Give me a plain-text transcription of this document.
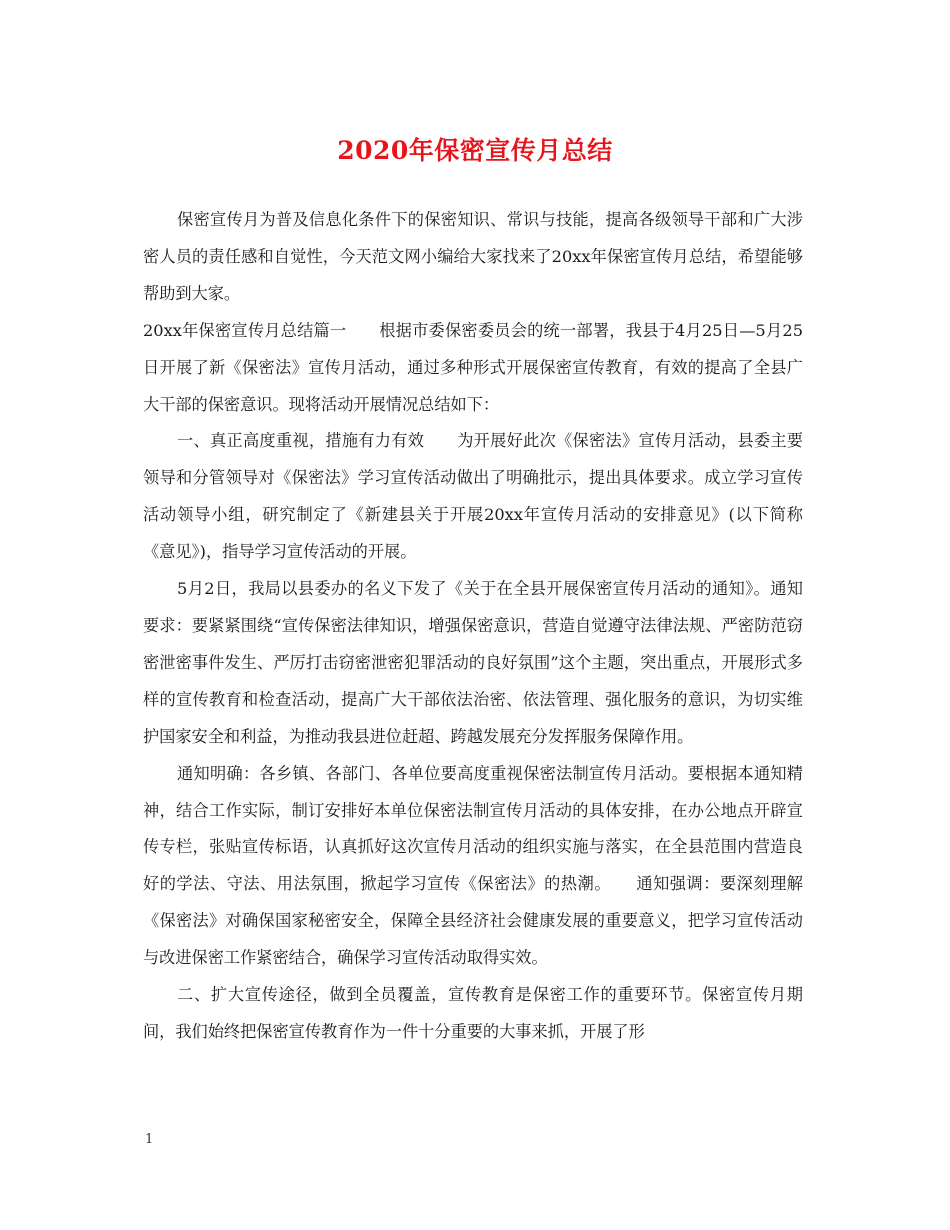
2020年保密宣传月总结

保密宣传月为普及信息化条件下的保密知识、常识与技能，提高各级领导干部和广大涉密人员的责任感和自觉性，今天范文网小编给大家找来了20xx年保密宣传月总结，希望能够帮助到大家。

20xx年保密宣传月总结篇一　　根据市委保密委员会的统一部署，我县于4月25日—5月25日开展了新《保密法》宣传月活动，通过多种形式开展保密宣传教育，有效的提高了全县广大干部的保密意识。现将活动开展情况总结如下：

一、真正高度重视，措施有力有效　　为开展好此次《保密法》宣传月活动，县委主要领导和分管领导对《保密法》学习宣传活动做出了明确批示，提出具体要求。成立学习宣传活动领导小组，研究制定了《新建县关于开展20xx年宣传月活动的安排意见》(以下简称《意见》)，指导学习宣传活动的开展。

5月2日，我局以县委办的名义下发了《关于在全县开展保密宣传月活动的通知》。通知要求：要紧紧围绕“宣传保密法律知识，增强保密意识，营造自觉遵守法律法规、严密防范窃密泄密事件发生、严厉打击窃密泄密犯罪活动的良好氛围”这个主题，突出重点，开展形式多样的宣传教育和检查活动，提高广大干部依法治密、依法管理、强化服务的意识，为切实维护国家安全和利益，为推动我县进位赶超、跨越发展充分发挥服务保障作用。

通知明确：各乡镇、各部门、各单位要高度重视保密法制宣传月活动。要根据本通知精神，结合工作实际，制订安排好本单位保密法制宣传月活动的具体安排，在办公地点开辟宣传专栏，张贴宣传标语，认真抓好这次宣传月活动的组织实施与落实，在全县范围内营造良好的学法、守法、用法氛围，掀起学习宣传《保密法》的热潮。　　通知强调：要深刻理解《保密法》对确保国家秘密安全，保障全县经济社会健康发展的重要意义，把学习宣传活动与改进保密工作紧密结合，确保学习宣传活动取得实效。

二、扩大宣传途径，做到全员覆盖，宣传教育是保密工作的重要环节。保密宣传月期间，我们始终把保密宣传教育作为一件十分重要的大事来抓，开展了形

1
